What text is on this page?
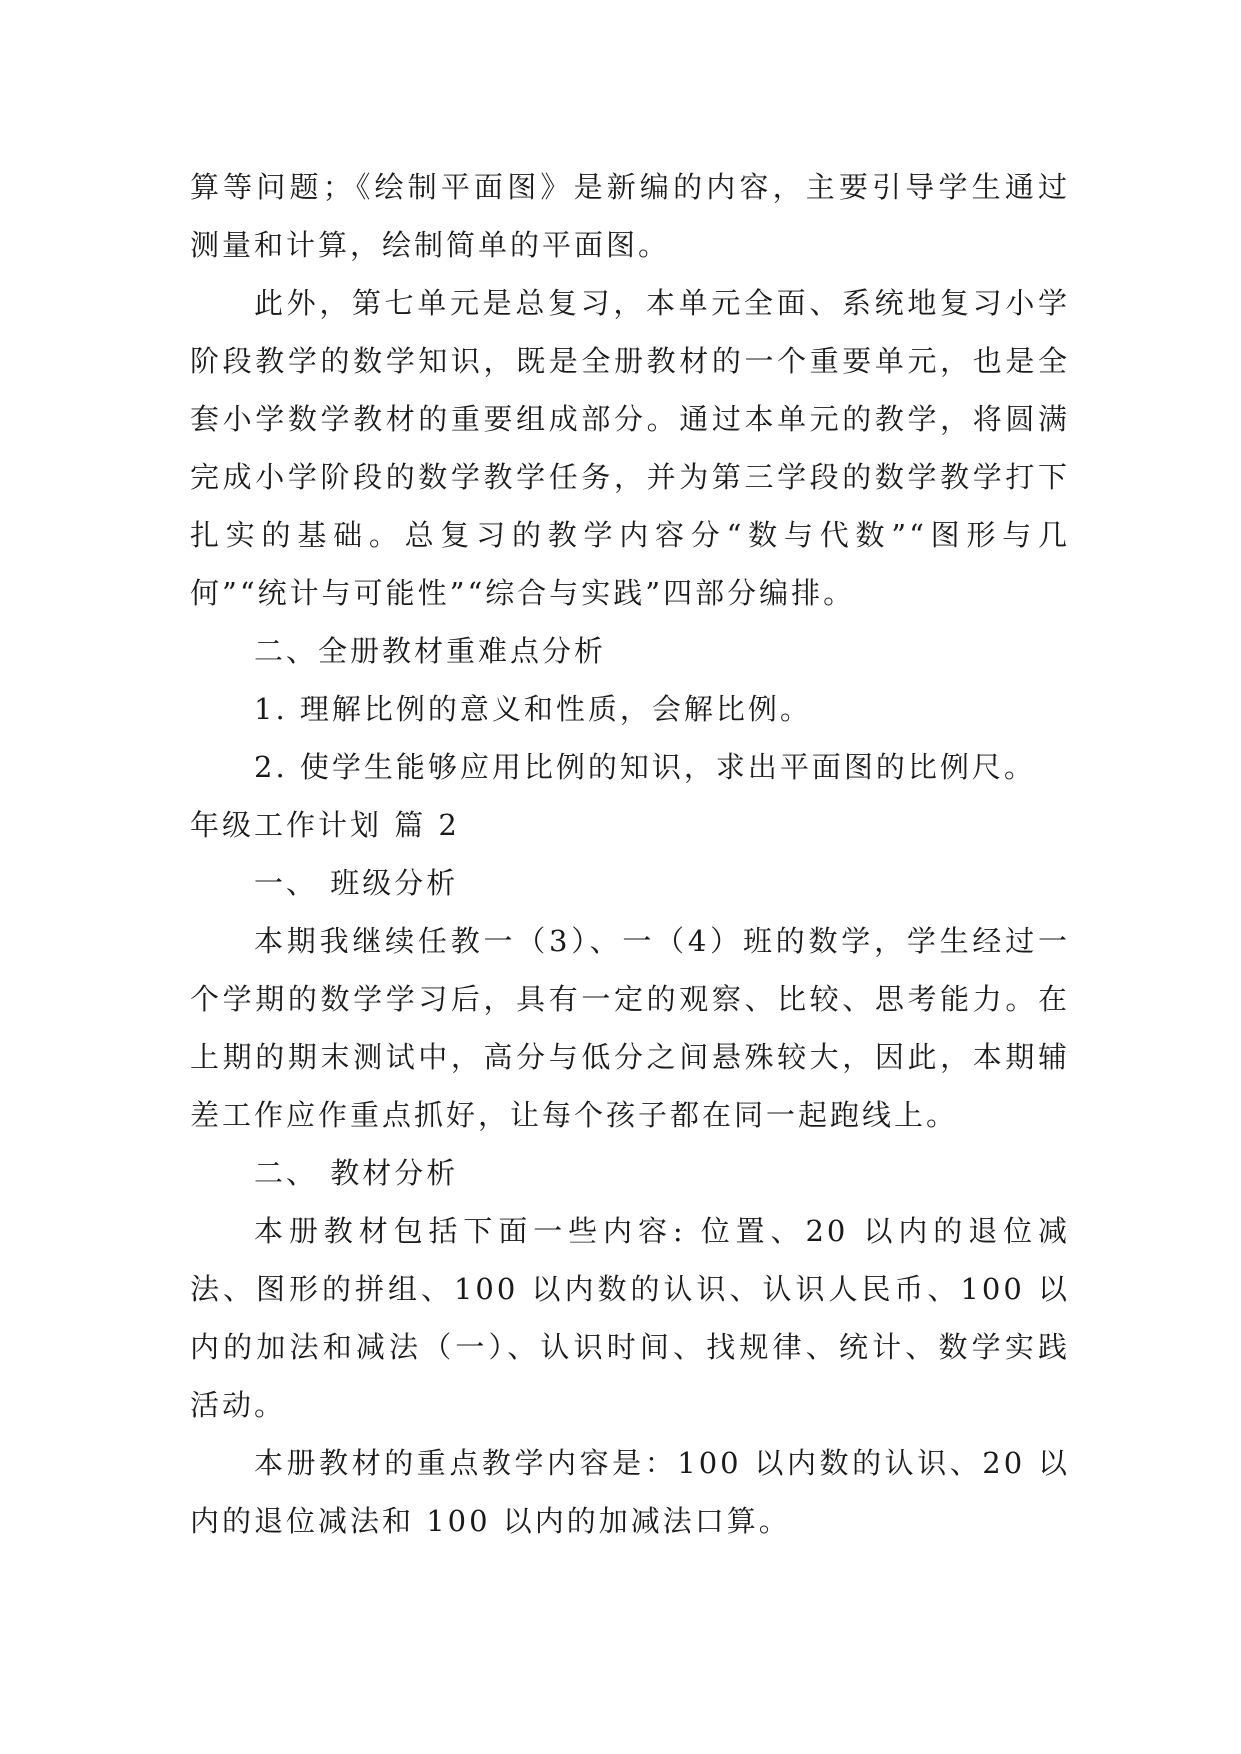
算等问题；《绘制平面图》是新编的内容，主要引导学生通过测量和计算，绘制简单的平面图。

此外，第七单元是总复习，本单元全面、系统地复习小学阶段教学的数学知识，既是全册教材的一个重要单元，也是全套小学数学教材的重要组成部分。通过本单元的教学，将圆满完成小学阶段的数学教学任务，并为第三学段的数学教学打下扎实的基础。总复习的教学内容分“数与代数”“图形与几何”“统计与可能性”“综合与实践”四部分编排。

二、全册教材重难点分析

1. 理解比例的意义和性质，会解比例。

2. 使学生能够应用比例的知识，求出平面图的比例尺。

年级工作计划 篇 2

一、 班级分析

本期我继续任教一（3）、一（4）班的数学，学生经过一个学期的数学学习后，具有一定的观察、比较、思考能力。在上期的期末测试中，高分与低分之间悬殊较大，因此，本期辅差工作应作重点抓好，让每个孩子都在同一起跑线上。

二、 教材分析

本册教材包括下面一些内容: 位置、20 以内的退位减法、图形的拼组、100 以内数的认识、认识人民币、100 以内的加法和减法（一）、认识时间、找规律、统计、数学实践活动。

本册教材的重点教学内容是：100 以内数的认识、20 以内的退位减法和 100 以内的加减法口算。
